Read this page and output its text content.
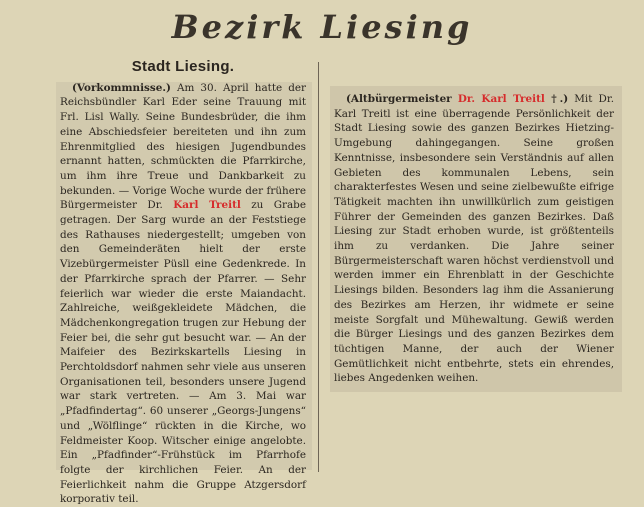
Bezirk Liesing
Stadt Liesing.

(Vorkommnisse.) Am 30. April hatte der Reichsbündler Karl Eder seine Trauung mit Frl. Lisl Wally. Seine Bundesbrüder, die ihm eine Abschiedsfeier bereiteten und ihn zum Ehrenmitglied des hiesigen Jugendbundes ernannt hatten, schmückten die Pfarrkirche, um ihm ihre Treue und Dankbarkeit zu bekunden. — Vorige Woche wurde der frühere Bürgermeister Dr. Karl Treitl zu Grabe getragen. Der Sarg wurde an der Feststiege des Rathauses niedergestellt; umgeben von den Gemeinderäten hielt der erste Vizebürgermeister Püsll eine Gedenkrede. In der Pfarrkirche sprach der Pfarrer. — Sehr feierlich war wieder die erste Maiandacht. Zahlreiche, weißgekleidete Mädchen, die Mädchenkongregation trugen zur Hebung der Feier bei, die sehr gut besucht war. — An der Maifeier des Bezirkskartells Liesing in Perchtoldsdorf nahmen sehr viele aus unseren Organisationen teil, besonders unsere Jugend war stark vertreten. — Am 3. Mai war „Pfadfindertag“. 60 unserer „Georgs-Jungens“ und „Wölflinge“ rückten in die Kirche, wo Feldmeister Koop. Witscher einige angelobte. Ein „Pfadfinder“-Frühstück im Pfarrhofe folgte der kirchlichen Feier. An der Feierlichkeit nahm die Gruppe Atzgersdorf korporativ teil.

(Altbürgermeister Dr. Karl Treitl †.) Mit Dr. Karl Treitl ist eine überragende Persönlichkeit der Stadt Liesing sowie des ganzen Bezirkes Hietzing-Umgebung dahingegangen. Seine großen Kenntnisse, insbesondere sein Verständnis auf allen Gebieten des kommunalen Lebens, sein charakterfestes Wesen und seine zielbewußte eifrige Tätigkeit machten ihn unwillkürlich zum geistigen Führer der Gemeinden des ganzen Bezirkes. Daß Liesing zur Stadt erhoben wurde, ist größtenteils ihm zu verdanken. Die Jahre seiner Bürgermeisterschaft waren höchst verdienstvoll und werden immer ein Ehrenblatt in der Geschichte Liesings bilden. Besonders lag ihm die Assanierung des Bezirkes am Herzen, ihr widmete er seine meiste Sorgfalt und Mühewaltung. Gewiß werden die Bürger Liesings und des ganzen Bezirkes dem tüchtigen Manne, der auch der Wiener Gemütlichkeit nicht entbehrte, stets ein ehrendes, liebes Angedenken weihen.
